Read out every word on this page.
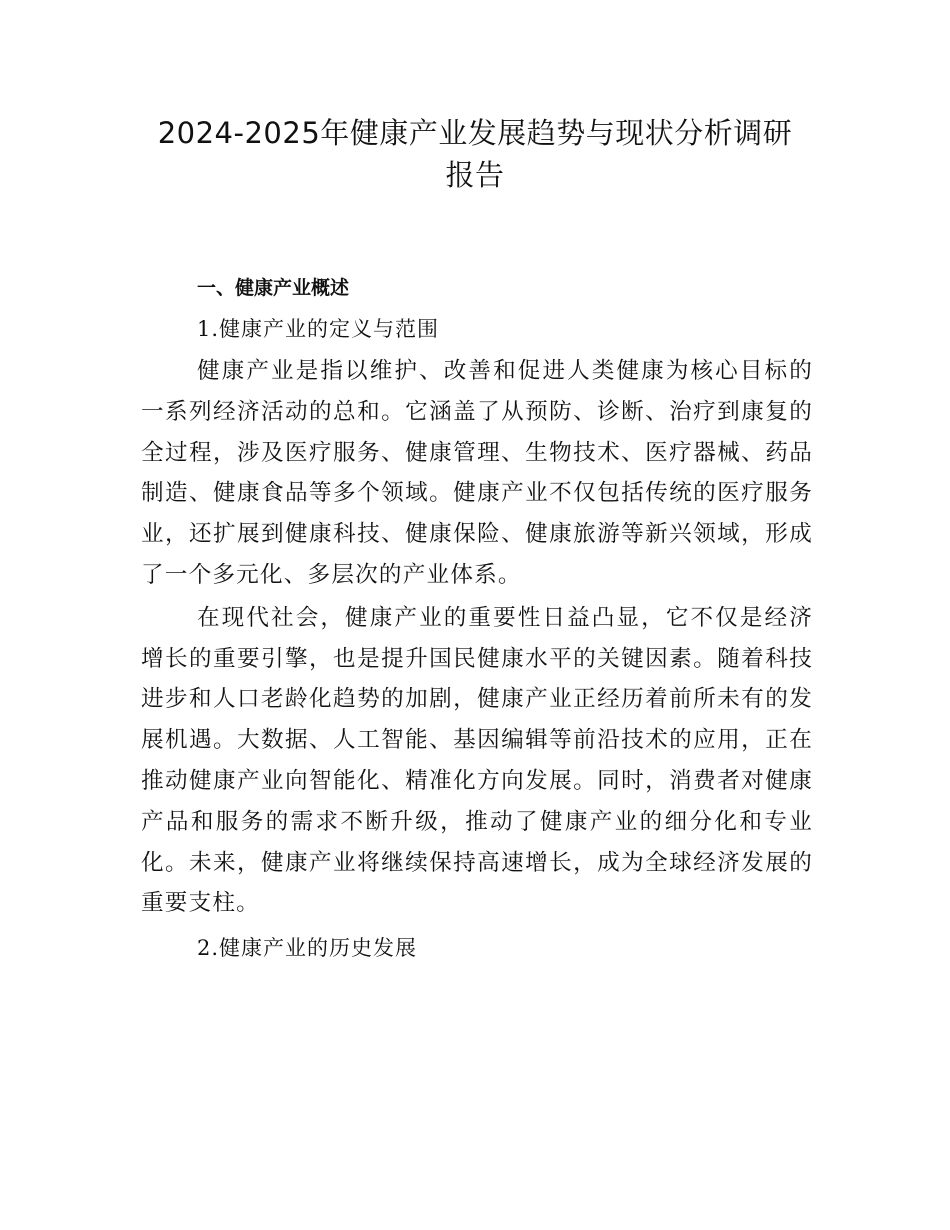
2024-2025年健康产业发展趋势与现状分析调研
报告
一、健康产业概述
1.健康产业的定义与范围

健康产业是指以维护、改善和促进人类健康为核心目标的一系列经济活动的总和。它涵盖了从预防、诊断、治疗到康复的全过程，涉及医疗服务、健康管理、生物技术、医疗器械、药品制造、健康食品等多个领域。健康产业不仅包括传统的医疗服务业，还扩展到健康科技、健康保险、健康旅游等新兴领域，形成了一个多元化、多层次的产业体系。

在现代社会，健康产业的重要性日益凸显，它不仅是经济增长的重要引擎，也是提升国民健康水平的关键因素。随着科技进步和人口老龄化趋势的加剧，健康产业正经历着前所未有的发展机遇。大数据、人工智能、基因编辑等前沿技术的应用，正在推动健康产业向智能化、精准化方向发展。同时，消费者对健康产品和服务的需求不断升级，推动了健康产业的细分化和专业化。未来，健康产业将继续保持高速增长，成为全球经济发展的重要支柱。

2.健康产业的历史发展
